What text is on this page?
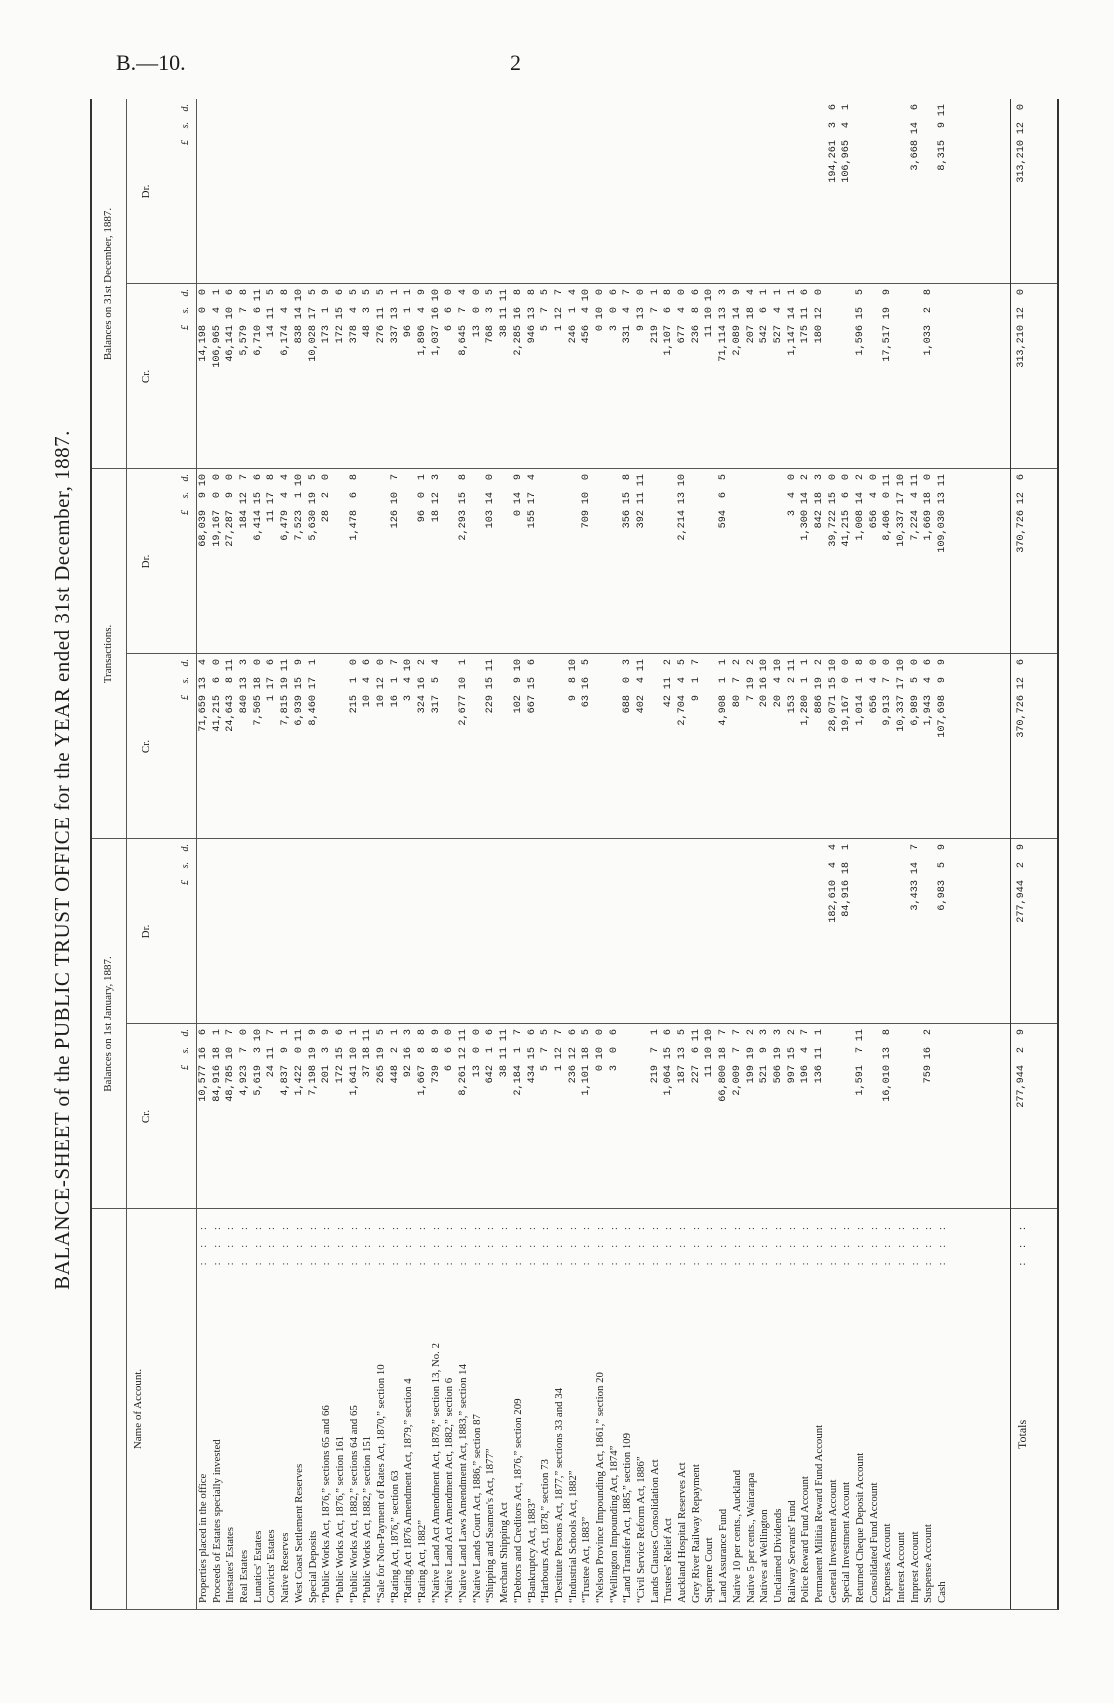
B.—10.	2
BALANCE-SHEET of the PUBLIC TRUST OFFICE for the YEAR ended 31st December, 1887.
Name of Account.
Balances on 1st January, 1887.
Transactions.
Balances on 31st December, 1887.
Cr.
Dr.
Cr.
Dr.
Cr.
Dr.
Properties placed in the office
: : :
10,577
16
6
71,659
13
4
68,039
9
10
14,198
0
0
Proceeds of Estates specially invested
: : :
84,916
18
1
41,215
6
0
19,167
0
0
106,965
4
1
Intestates' Estates
: : :
48,785
10
7
24,643
8
11
27,287
9
0
46,141
10
6
Real Estates
: : :
4,923
7
0
840
13
3
184
12
7
5,579
7
8
Lunatics' Estates
: : :
5,619
3
10
7,505
18
0
6,414
15
6
6,710
6
11
Convicts' Estates
: : :
24
11
7
1
17
6
11
17
8
14
11
5
Native Reserves
: : :
4,837
9
1
7,815
19
11
6,479
4
4
6,174
4
8
West Coast Settlement Reserves
: : :
1,422
0
11
6,939
15
9
7,523
1
10
838
14
10
Special Deposits
: : :
7,198
19
9
8,460
17
1
5,630
19
5
10,028
17
5
“Public Works Act, 1876,” sections 65 and 66
: : :
201
3
9
28
2
0
173
1
9
“Public Works Act, 1876,” section 161
: : :
172
15
6
172
15
6
“Public Works Act, 1882,” sections 64 and 65
: : :
1,641
10
1
215
1
0
1,478
6
8
378
4
5
“Public Works Act, 1882,” section 151
: : :
37
18
11
10
4
6
48
3
5
“Sale for Non-Payment of Rates Act, 1870,” section 10
: : :
265
19
5
10
12
0
276
11
5
“Rating Act, 1876,” section 63
: : :
448
2
1
16
1
7
126
10
7
337
13
1
“Rating Act 1876 Amendment Act, 1879,” section 4
: : :
92
16
3
3
4
10
96
1
1
“Rating Act, 1882”
: : :
1,667
8
8
324
16
2
96
0
1
1,896
4
9
“Native Land Act Amendment Act, 1878,” section 13, No. 2
: : :
739
8
9
317
5
4
18
12
3
1,037
16
10
“Native Land Act Amendment Act, 1882,” section 6
: : :
6
6
0
6
6
0
“Native Land Laws Amendment Act, 1883,” section 14
: : :
8,261
12
11
2,677
10
1
2,293
15
8
8,645
7
4
“Native Lands Court Act, 1886,” section 87
: : :
13
0
0
13
0
0
“Shipping and Seamen's Act, 1877”
: : :
642
1
6
229
15
11
103
14
0
768
3
5
Merchant Shipping Act
: : :
38
11
11
38
11
11
“Debtors and Creditors Act, 1876,” section 209
: : :
2,184
1
7
102
9
10
0
14
9
2,285
16
8
“Bankruptcy Act, 1883”
: : :
434
15
6
667
15
6
155
17
4
946
13
8
“Harbours Act, 1878,” section 73
: : :
5
7
5
5
7
5
“Destitute Persons Act, 1877,” sections 33 and 34
: : :
1
12
7
1
12
7
“Industrial Schools Act, 1882”
: : :
236
12
6
9
8
10
246
1
4
“Trustee Act, 1883”
: : :
1,101
18
5
63
16
5
709
10
0
456
4
10
“Nelson Province Impounding Act, 1861,” section 20
: : :
0
10
0
0
10
0
“Wellington Impounding Act, 1874”
: : :
3
0
6
3
0
6
“Land Transfer Act, 1885,” section 109
: : :
688
0
3
356
15
8
331
4
7
“Civil Service Reform Act, 1886”
: : :
402
4
11
392
11
11
9
13
0
Lands Clauses Consolidation Act
: : :
219
7
1
219
7
1
Trustees' Relief Act
: : :
1,064
15
6
42
11
2
1,107
6
8
Auckland Hospital Reserves Act
: : :
187
13
5
2,704
4
5
2,214
13
10
677
4
0
Grey River Railway Repayment
: : :
227
6
11
9
1
7
236
8
6
Supreme Court
: : :
11
10
10
11
10
10
Land Assurance Fund
: : :
66,800
18
7
4,908
1
1
594
6
5
71,114
13
3
Native 10 per cents., Auckland
: : :
2,009
7
7
80
7
2
2,089
14
9
Native 5 per cents., Wairarapa
: : :
199
19
2
7
19
2
207
18
4
Natives at Wellington
: : :
521
9
3
20
16
10
542
6
1
Unclaimed Dividends
: : :
506
19
3
20
4
10
527
4
1
Railway Servants' Fund
: : :
997
15
2
153
2
11
3
4
0
1,147
14
1
Police Reward Fund Account
: : :
196
4
7
1,280
1
1
1,300
14
2
175
11
6
Permanent Militia Reward Fund Account
: : :
136
11
1
886
19
2
842
18
3
180
12
0
General Investment Account
: : :
182,610
4
4
28,071
15
10
39,722
15
0
194,261
3
6
Special Investment Account
: : :
84,916
18
1
19,167
0
0
41,215
6
0
106,965
4
1
Returned Cheque Deposit Account
: : :
1,591
7
11
1,014
1
8
1,008
14
2
1,596
15
5
Consolidated Fund Account
: : :
656
4
0
656
4
0
Expenses Account
: : :
16,010
13
8
9,913
7
0
8,406
0
11
17,517
19
9
Interest Account
: : :
10,337
17
10
10,337
17
10
Imprest Account
: : :
3,433
14
7
6,989
5
0
7,224
4
11
3,668
14
6
Suspense Account
: : :
759
16
2
1,943
4
6
1,669
18
0
1,033
2
8
Cash
: : :
6,983
5
9
107,698
9
9
109,030
13
11
8,315
9
11
Totals
: : :
277,944
2
9
277,944
2
9
370,726
12
6
370,726
12
6
313,210
12
0
313,210
12
0
£
s.
d.
£
s.
d.
£
s.
d.
£
s.
d.
£
s.
d.
£
s.
d.
